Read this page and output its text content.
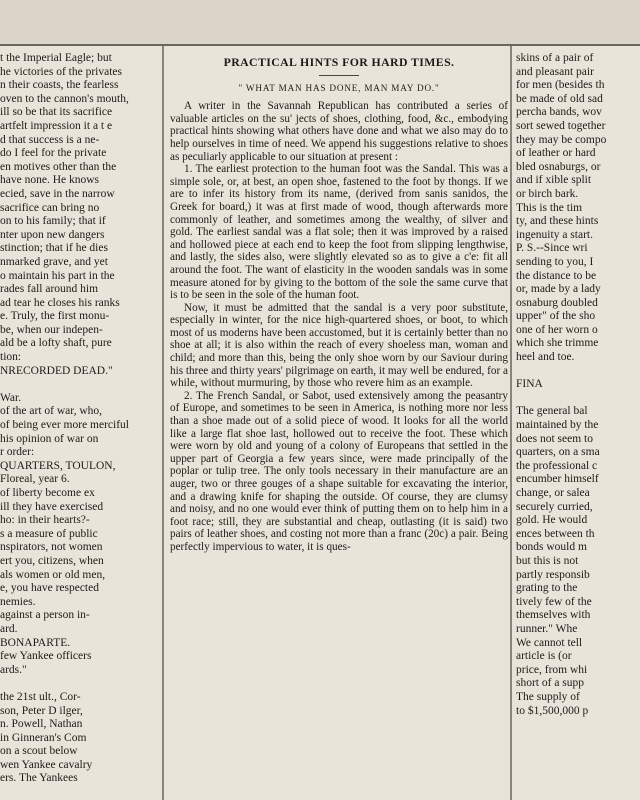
t the Imperial Eagle; but
he victories of the privates
n their coasts, the fearless
oven to the cannon's mouth,
ill so be that its sacrifice
artfelt impression it a t e
d that success is a ne-
do I feel for the private
en motives other than the
have none. He knows
ecied, save in the narrow
sacrifice can bring no
on to his family; that if
nter upon new dangers
stinction; that if he dies
nmarked grave, and yet
o maintain his part in the
rades fall around him
ad tear he closes his ranks
e. Truly, the first monu-
be, when our indepen-
ald be a lofty shaft, pure
tion:
NRECORDED DEAD."

War.
of the art of war, who,
of being ever more merciful
his opinion of war on
r order:
QUARTERS, TOULON,
Floreal, year 6.
of liberty become ex
ill they have exercised
ho: in their hearts?-
s a measure of public
nspirators, not women
ert you, citizens, when
als women or old men,
e, you have respected
nemies.
against a person in-
ard.
BONAPARTE.
few Yankee officers
ards."

the 21st ult., Cor-
son, Peter D ilger,
n. Powell, Nathan
in Ginneran's Com
on a scout below
wen Yankee cavalry
ers. The Yankees
PRACTICAL HINTS FOR HARD TIMES.
" WHAT MAN HAS DONE, MAN MAY DO."

A writer in the Savannah Republican has contributed a series of valuable articles on the su' jects of shoes, clothing, food, &c., embodying practical hints showing what others have done and what we also may do to help ourselves in time of need. We append his suggestions relative to shoes as peculiarly applicable to our situation at present :

1. The earliest protection to the human foot was the Sandal. This was a simple sole, or, at best, an open shoe, fastened to the foot by thongs. If we are to infer its history from its name, (derived from sanis sanidos, the Greek for board,) it was at first made of wood, though afterwards more commonly of leather, and sometimes among the wealthy, of silver and gold. The earliest sandal was a flat sole; then it was improved by a raised and hollowed piece at each end to keep the foot from slipping lengthwise, and lastly, the sides also, were slightly elevated so as to give a c'e: fit all around the foot. The want of elasticity in the wooden sandals was in some measure atoned for by giving to the bottom of the sole the same curve that is to be seen in the sole of the human foot.

Now, it must be admitted that the sandal is a very poor substitute, especially in winter, for the nice high-quartered shoes, or boot, to which most of us moderns have been accustomed, but it is certainly better than no shoe at all; it is also within the reach of every shoeless man, woman and child; and more than this, being the only shoe worn by our Saviour during his three and thirty years' pilgrimage on earth, it may well be endured, for a while, without murmuring, by those who revere him as an example.

2. The French Sandal, or Sabot, used extensively among the peasantry of Europe, and sometimes to be seen in America, is nothing more nor less than a shoe made out of a solid piece of wood. It looks for all the world like a large flat shoe last, hollowed out to receive the foot. These which were worn by old and young of a colony of Europeans that settled in the upper part of Georgia a few years since, were made principally of the poplar or tulip tree. The only tools necessary in their manufacture are an auger, two or three gouges of a shape suitable for excavating the interior, and a drawing knife for shaping the outside. Of course, they are clumsy and noisy, and no one would ever think of putting them on to help him in a foot race; still, they are substantial and cheap, outlasting (it is said) two pairs of leather shoes, and costing not more than a franc (20c) a pair. Being perfectly impervious to water, it is ques-

skins of a pair of
and pleasant pair
for men (besides th
be made of old sad
percha bands, wov
sort sewed together
they may be compo
of leather or hard
bled osnaburgs, or
and if xible split
or birch bark.
This is the tim
ty, and these hints
ingenuity a start.
P. S.--Since wri
sending to you, I
the distance to be
or, made by a lady
osnaburg doubled
upper" of the sho
one of her worn o
which she trimme
heel and toe.

FINA

The general bal
maintained by the
does not seem to
quarters, on a sma
the professional c
encumber himself
change, or salea
securely curried,
gold. He would
ences between th
bonds would m
but this is not
partly responsib
grating to the
tively few of the
themselves with
runner." Whe
We cannot tell
article is (or
price, from whi
short of a supp
The supply of
to $1,500,000 p
